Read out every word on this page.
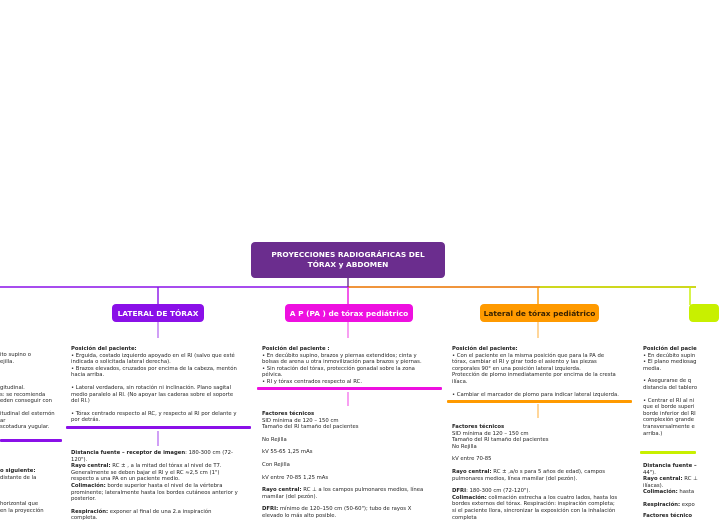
PROYECCIONES RADIOGRÁFICAS DEL TÓRAX y ABDOMEN
LATERAL DE TÓRAX	A P (PA ) de tórax pediátrico	Lateral de tórax pediátrico

ito supino o

ejilla.

gitudinal.

s: se recomienda

eden conseguir con

itudinal del esternón

ar

scotadura yugular.

o siguiente:

distante de la

horizontal que

en la proyección

Posición del paciente:

• Erguida, costado izquierdo apoyado en el RI (salvo que esté

indicada o solicitada lateral derecha).

• Brazos elevados, cruzados por encima de la cabeza, mentón

hacia arriba.

• Lateral verdadera, sin rotación ni inclinación. Plano sagital

medio paralelo al RI. (No apoyar las caderas sobre el soporte

del RI.)

• Tórax centrado respecto al RC, y respecto al RI por delante y

por detrás.

Distancia fuente – receptor de imagen: 180-300 cm (72-

120").

Rayo central: RC ± , a la mitad del tórax al nivel de T7.

Generalmente se deben bajar el RI y el RC ≈2,5 cm (1")

respecto a una PA en un paciente medio.

Colimación: borde superior hasta el nivel de la vértebra

prominente; lateralmente hasta los bordes cutáneos anterior y

posterior.

Respiración: exponer al final de una 2.a inspiración

completa.

Posición del paciente :

• En decúbito supino, brazos y piernas extendidos; cinta y

bolsas de arena u otra inmovilización para brazos y piernas.

• Sin rotación del tórax, protección gonadal sobre la zona

pélvica.

• RI y tórax centrados respecto al RC.

Factores técnicos

SID mínima de 120 – 150 cm

Tamaño del RI tamaño del pacientes

No Rejilla

kV 55-65 1,25 mAs

Con Rejilla

kV entre 70-85 1,25 mAs

Rayo central: RC ⊥ a los campos pulmonares medios, línea

mamilar (del pezón).

DFRI: mínimo de 120–150 cm (50-60"); tubo de rayos X

elevado lo más alto posible.

Posición del paciente:

• Con el paciente en la misma posición que para la PA de

tórax, cambiar el RI y girar todo el asiento y las piezas

corporales 90° en una posición lateral izquierda.

Protección de plomo inmediatamente por encima de la cresta

ilíaca.

• Cambiar el marcador de plomo para indicar lateral izquierda.

Factores técnicos

SID mínima de 120 – 150 cm

Tamaño del RI tamaño del pacientes

No Rejilla

kV entre 70-85

Rayo central: RC ± ,a/o s para 5 años de edad), campos

pulmonares medios, línea mamilar (del pezón).

DFRI: 180-300 cm (72-120").

Colimación: colimación estrecha a los cuatro lados, hasta los

bordes externos del tórax. Respiración: inspiración completa;

si el paciente llora, sincronizar la exposición con la inhalación

completa

Posición del pacie

• En decúbito supin

• El plano mediosag

media.

• Asegurarse de q

distancia del tablero

• Centrar el RI al ni

que el borde superi

borde inferior del RI

complexión grande

transversalmente e

arriba.)

Distancia fuente –

44").

Rayo central: RC ⊥

ilíacas).

Colimación: hasta

Respiración: expo

Factores técnico
